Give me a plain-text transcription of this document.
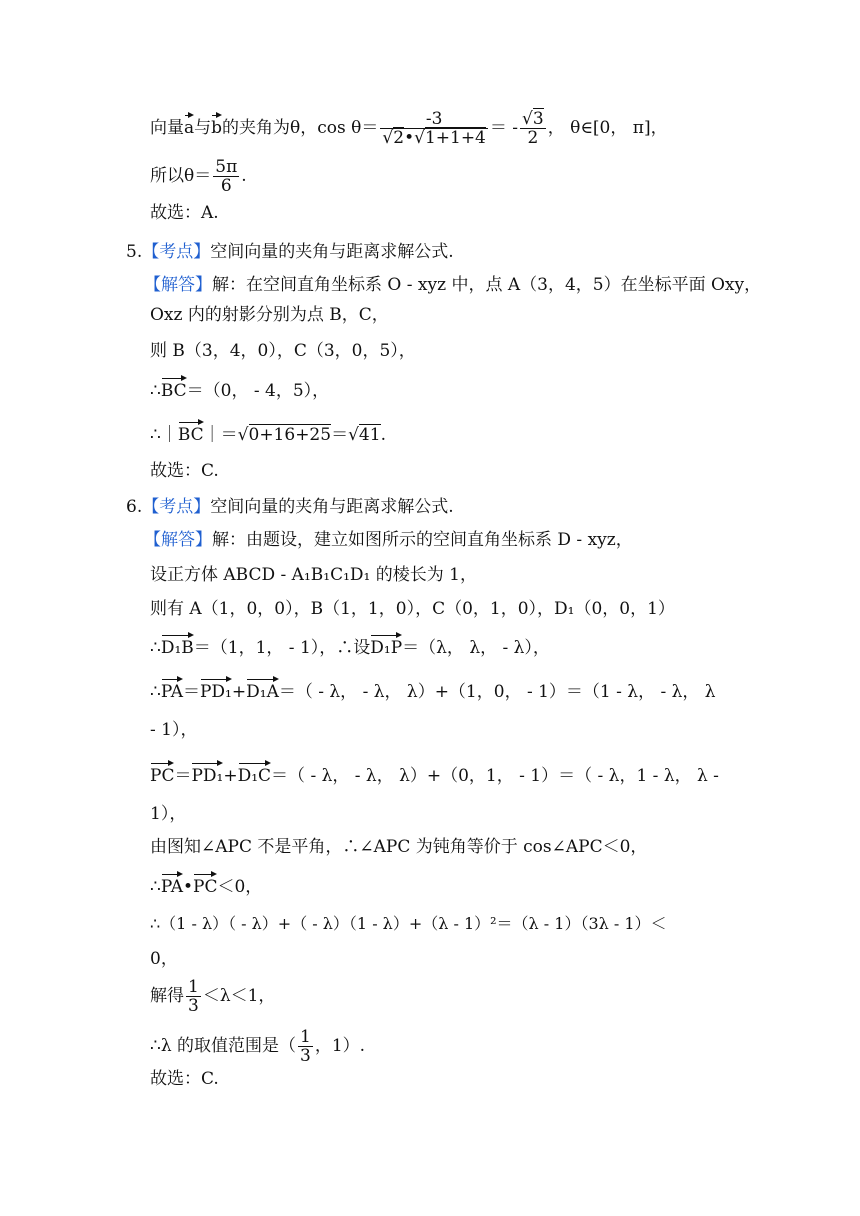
向量a与b的夹角为θ，cos θ＝ -3
√ 2• √ 1+1+4 ＝ - √ $\frac{3}{2}$ ， θ∈[0， π]，
所以$\theta= \frac{5\pi}{6}$ .
故选：A.
5.【考点】空间向量的夹角与距离求解公式.
【解答】解：在空间直角坐标系 O - xyz 中，点 A（3，4，5）在坐标平面 Oxy，
Oxz 内的射影分别为点 B，C，
则 B（3，4，0），C（3，0，5），
∴BC＝（0， - 4，5），
∴｜BC｜＝ √ 0+16+25＝ √ 41.
故选：C.
6.【考点】空间向量的夹角与距离求解公式.
【解答】解：由题设，建立如图所示的空间直角坐标系 D - xyz，
设正方体 ABCD - A₁B₁C₁D₁ 的棱长为 1，
则有 A（1，0，0），B（1，1，0），C（0，1，0），D₁（0，0，1）
∴D₁B＝（1，1， - 1），∴设D₁P＝（λ， λ， - λ），
∴PA＝PD₁+D₁A＝（ - λ， - λ， λ）+（1，0， - 1）＝（1 - λ， - λ， λ
- 1），
PC＝PD₁+D₁C＝（ - λ， - λ， λ）+（0，1， - 1）＝（ - λ，1 - λ， λ -
1），
由图知∠APC 不是平角，∴∠APC 为钝角等价于 cos∠APC＜0，
∴PA•PC＜0，
∴（1 - λ）（ - λ）+（ - λ）（1 - λ）+（λ - 1）²＝（λ - 1）（3λ - 1）＜
0，
解得 $\frac{1}{3} <\lambda<1$，
∴λ 的取值范围是（ $\frac{1}{3}$ ，1）.
故选：C.
